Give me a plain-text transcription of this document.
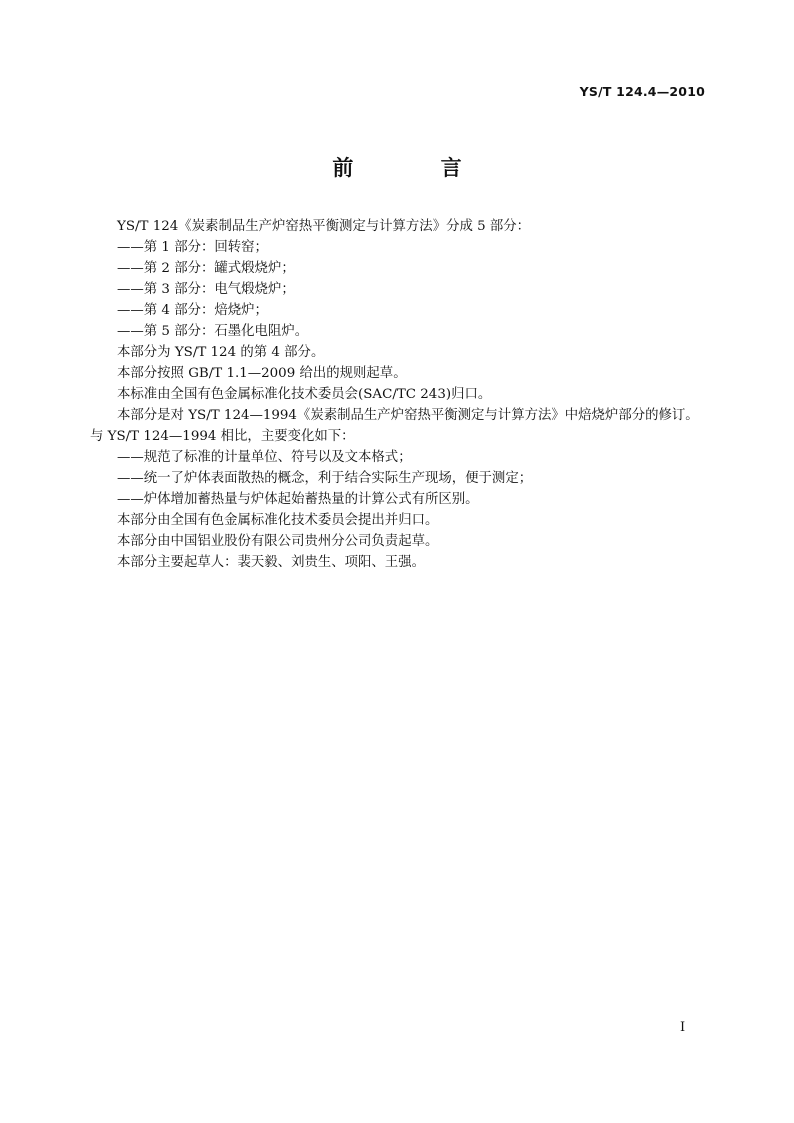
YS/T 124.4—2010
前 言
YS/T 124《炭素制品生产炉窑热平衡测定与计算方法》分成 5 部分：
——第 1 部分：回转窑；
——第 2 部分：罐式煅烧炉；
——第 3 部分：电气煅烧炉；
——第 4 部分：焙烧炉；
——第 5 部分：石墨化电阻炉。
本部分为 YS/T 124 的第 4 部分。
本部分按照 GB/T 1.1—2009 给出的规则起草。
本标准由全国有色金属标准化技术委员会(SAC/TC 243)归口。
本部分是对 YS/T 124—1994《炭素制品生产炉窑热平衡测定与计算方法》中焙烧炉部分的修订。
与 YS/T 124—1994 相比，主要变化如下：
——规范了标准的计量单位、符号以及文本格式；
——统一了炉体表面散热的概念，利于结合实际生产现场，便于测定；
——炉体增加蓄热量与炉体起始蓄热量的计算公式有所区别。
本部分由全国有色金属标准化技术委员会提出并归口。
本部分由中国铝业股份有限公司贵州分公司负责起草。
本部分主要起草人：裴天毅、刘贵生、项阳、王强。
I
